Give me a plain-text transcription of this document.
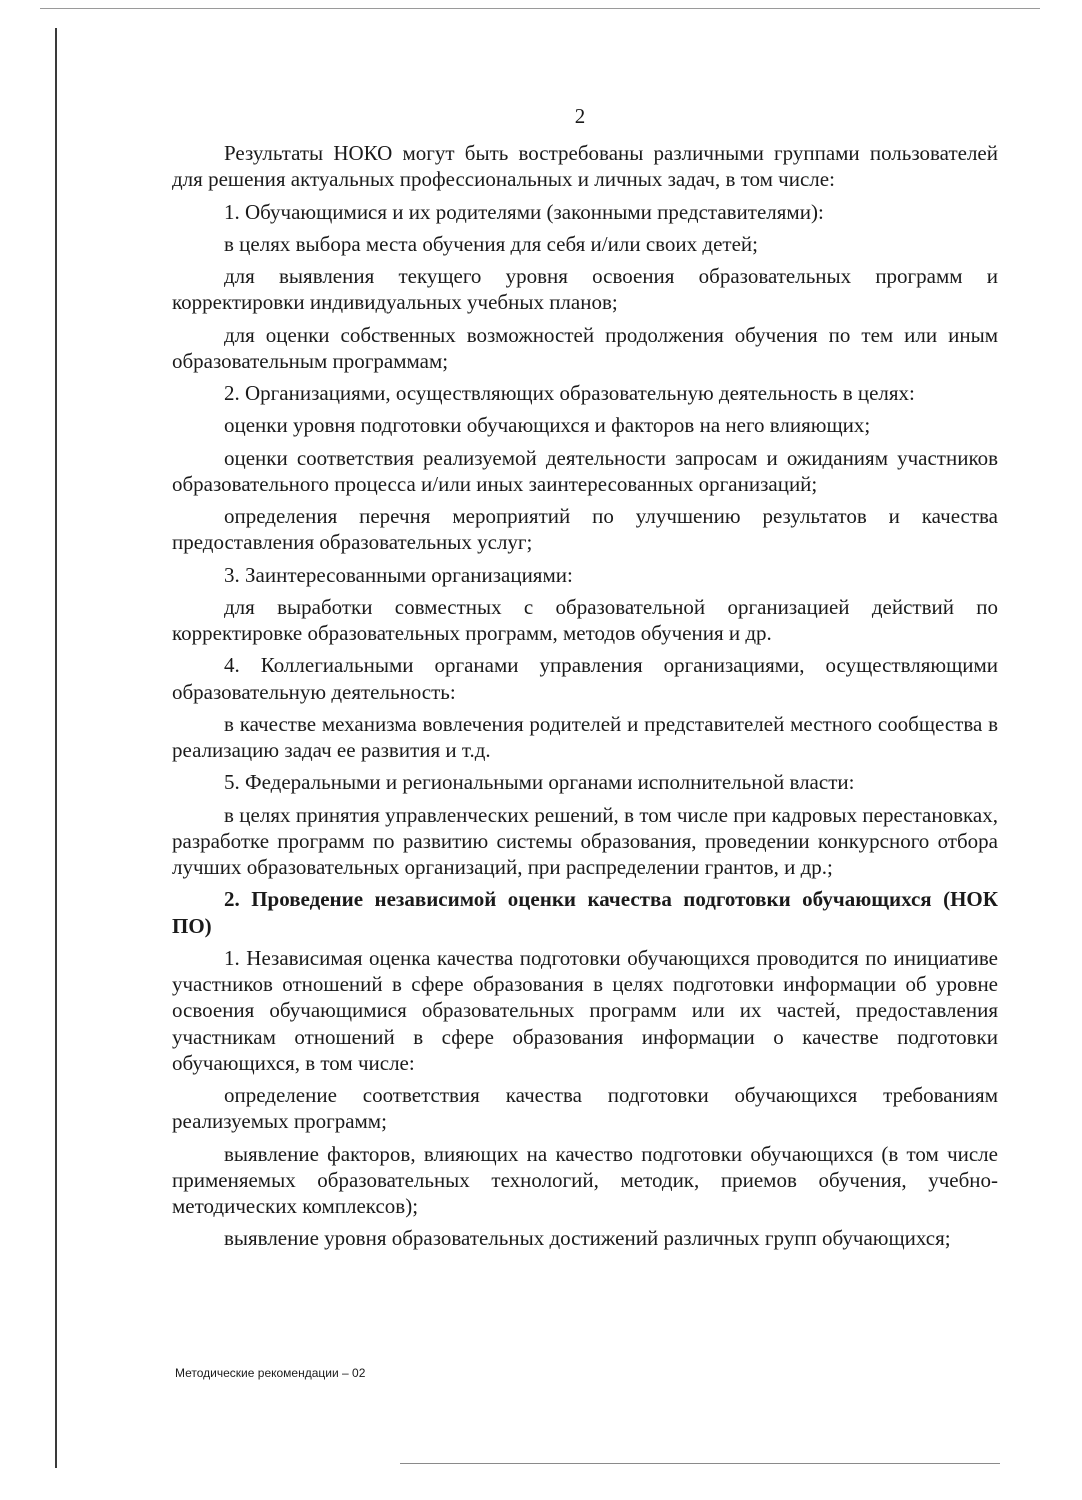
2

Результаты НОКО могут быть востребованы различными группами пользователей для решения актуальных профессиональных и личных задач, в том числе:

1. Обучающимися и их родителями (законными представителями):

в целях выбора места обучения для себя и/или своих детей;

для выявления текущего уровня освоения образовательных программ и корректировки индивидуальных учебных планов;

для оценки собственных возможностей продолжения обучения по тем или иным образовательным программам;

2. Организациями, осуществляющих образовательную деятельность в целях:

оценки уровня подготовки обучающихся и факторов на него влияющих;

оценки соответствия реализуемой деятельности запросам и ожиданиям участников образовательного процесса и/или иных заинтересованных организаций;

определения перечня мероприятий по улучшению результатов и качества предоставления образовательных услуг;

3. Заинтересованными организациями:

для выработки совместных с образовательной организацией действий по корректировке образовательных программ, методов обучения и др.

4. Коллегиальными органами управления организациями, осуществляющими образовательную деятельность:

в качестве механизма вовлечения родителей и представителей местного сообщества в реализацию задач ее развития и т.д.

5. Федеральными и региональными органами исполнительной власти:

в целях принятия управленческих решений, в том числе при кадровых перестановках, разработке программ по развитию системы образования, проведении конкурсного отбора лучших образовательных организаций, при распределении грантов, и др.;

2. Проведение независимой оценки качества подготовки обучающихся (НОК ПО)

1. Независимая оценка качества подготовки обучающихся проводится по инициативе участников отношений в сфере образования в целях подготовки информации об уровне освоения обучающимися образовательных программ или их частей, предоставления участникам отношений в сфере образования информации о качестве подготовки обучающихся, в том числе:

определение соответствия качества подготовки обучающихся требованиям реализуемых программ;

выявление факторов, влияющих на качество подготовки обучающихся (в том числе применяемых образовательных технологий, методик, приемов обучения, учебно-методических комплексов);

выявление уровня образовательных достижений различных групп обучающихся;

Методические рекомендации – 02
